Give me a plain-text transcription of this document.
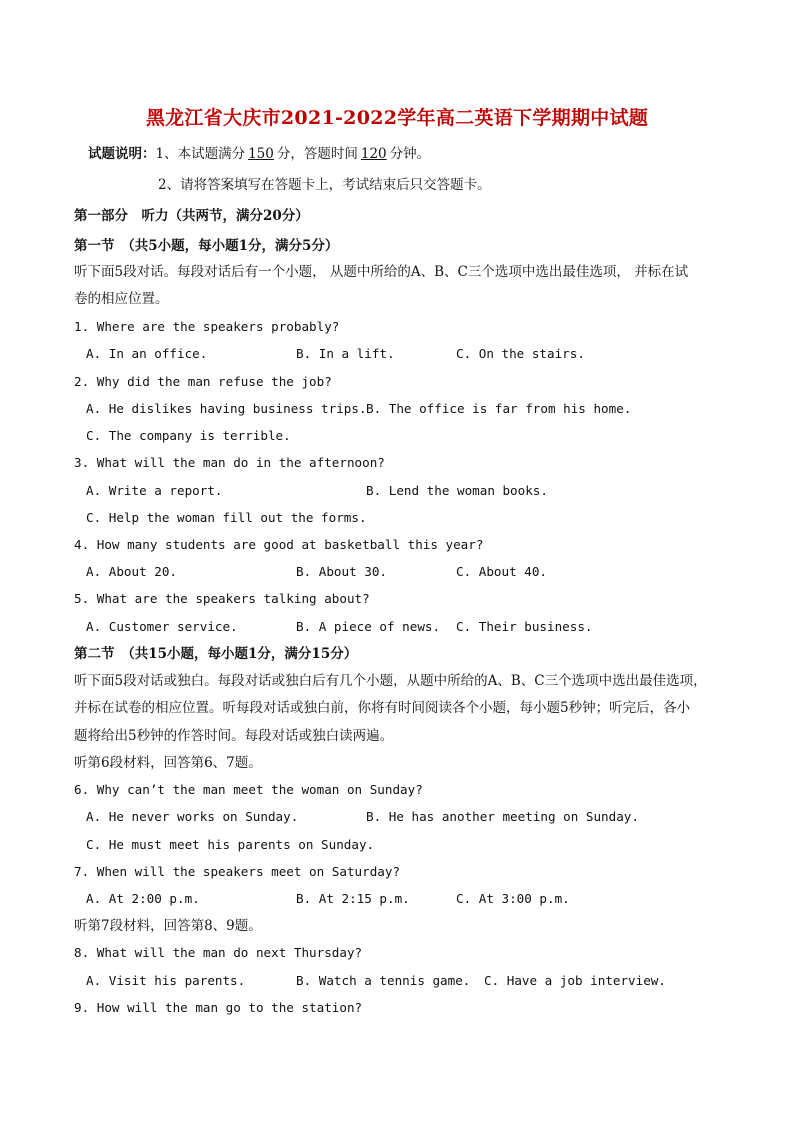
黑龙江省大庆市2021-2022学年高二英语下学期期中试题
试题说明：1、本试题满分 150 分，答题时间 120 分钟。
2、请将答案填写在答题卡上，考试结束后只交答题卡。
第一部分　听力（共两节，满分20分）
第一节　（共5小题，每小题1分，满分5分）
听下面5段对话。每段对话后有一个小题， 从题中所给的A、B、C三个选项中选出最佳选项， 并标在试
卷的相应位置。
1. Where are the speakers probably?
A. In an office.	B. In a lift.	C. On the stairs.
2. Why did the man refuse the job?
A. He dislikes having business trips. B. The office is far from his home.
C. The company is terrible.
3. What will the man do in the afternoon?
A. Write a report.	B. Lend the woman books.
C. Help the woman fill out the forms.
4. How many students are good at basketball this year?
A. About 20.	B. About 30.	C. About 40.
5. What are the speakers talking about?
A. Customer service.	B. A piece of news. C. Their business.
第二节　（共15小题，每小题1分，满分15分）
听下面5段对话或独白。每段对话或独白后有几个小题，从题中所给的A、B、C三个选项中选出最佳选项，
并标在试卷的相应位置。听每段对话或独白前，你将有时间阅读各个小题，每小题5秒钟；听完后，各小
题将给出5秒钟的作答时间。每段对话或独白读两遍。
听第6段材料，回答第6、7题。
6. Why can’t the man meet the woman on Sunday?
A. He never works on Sunday.	B. He has another meeting on Sunday.
C. He must meet his parents on Sunday.
7. When will the speakers meet on Saturday?
A. At 2:00 p.m.	B. At 2:15 p.m.	C. At 3:00 p.m.
听第7段材料，回答第8、9题。
8. What will the man do next Thursday?
A. Visit his parents.	B. Watch a tennis game. C. Have a job interview.
9. How will the man go to the station?
